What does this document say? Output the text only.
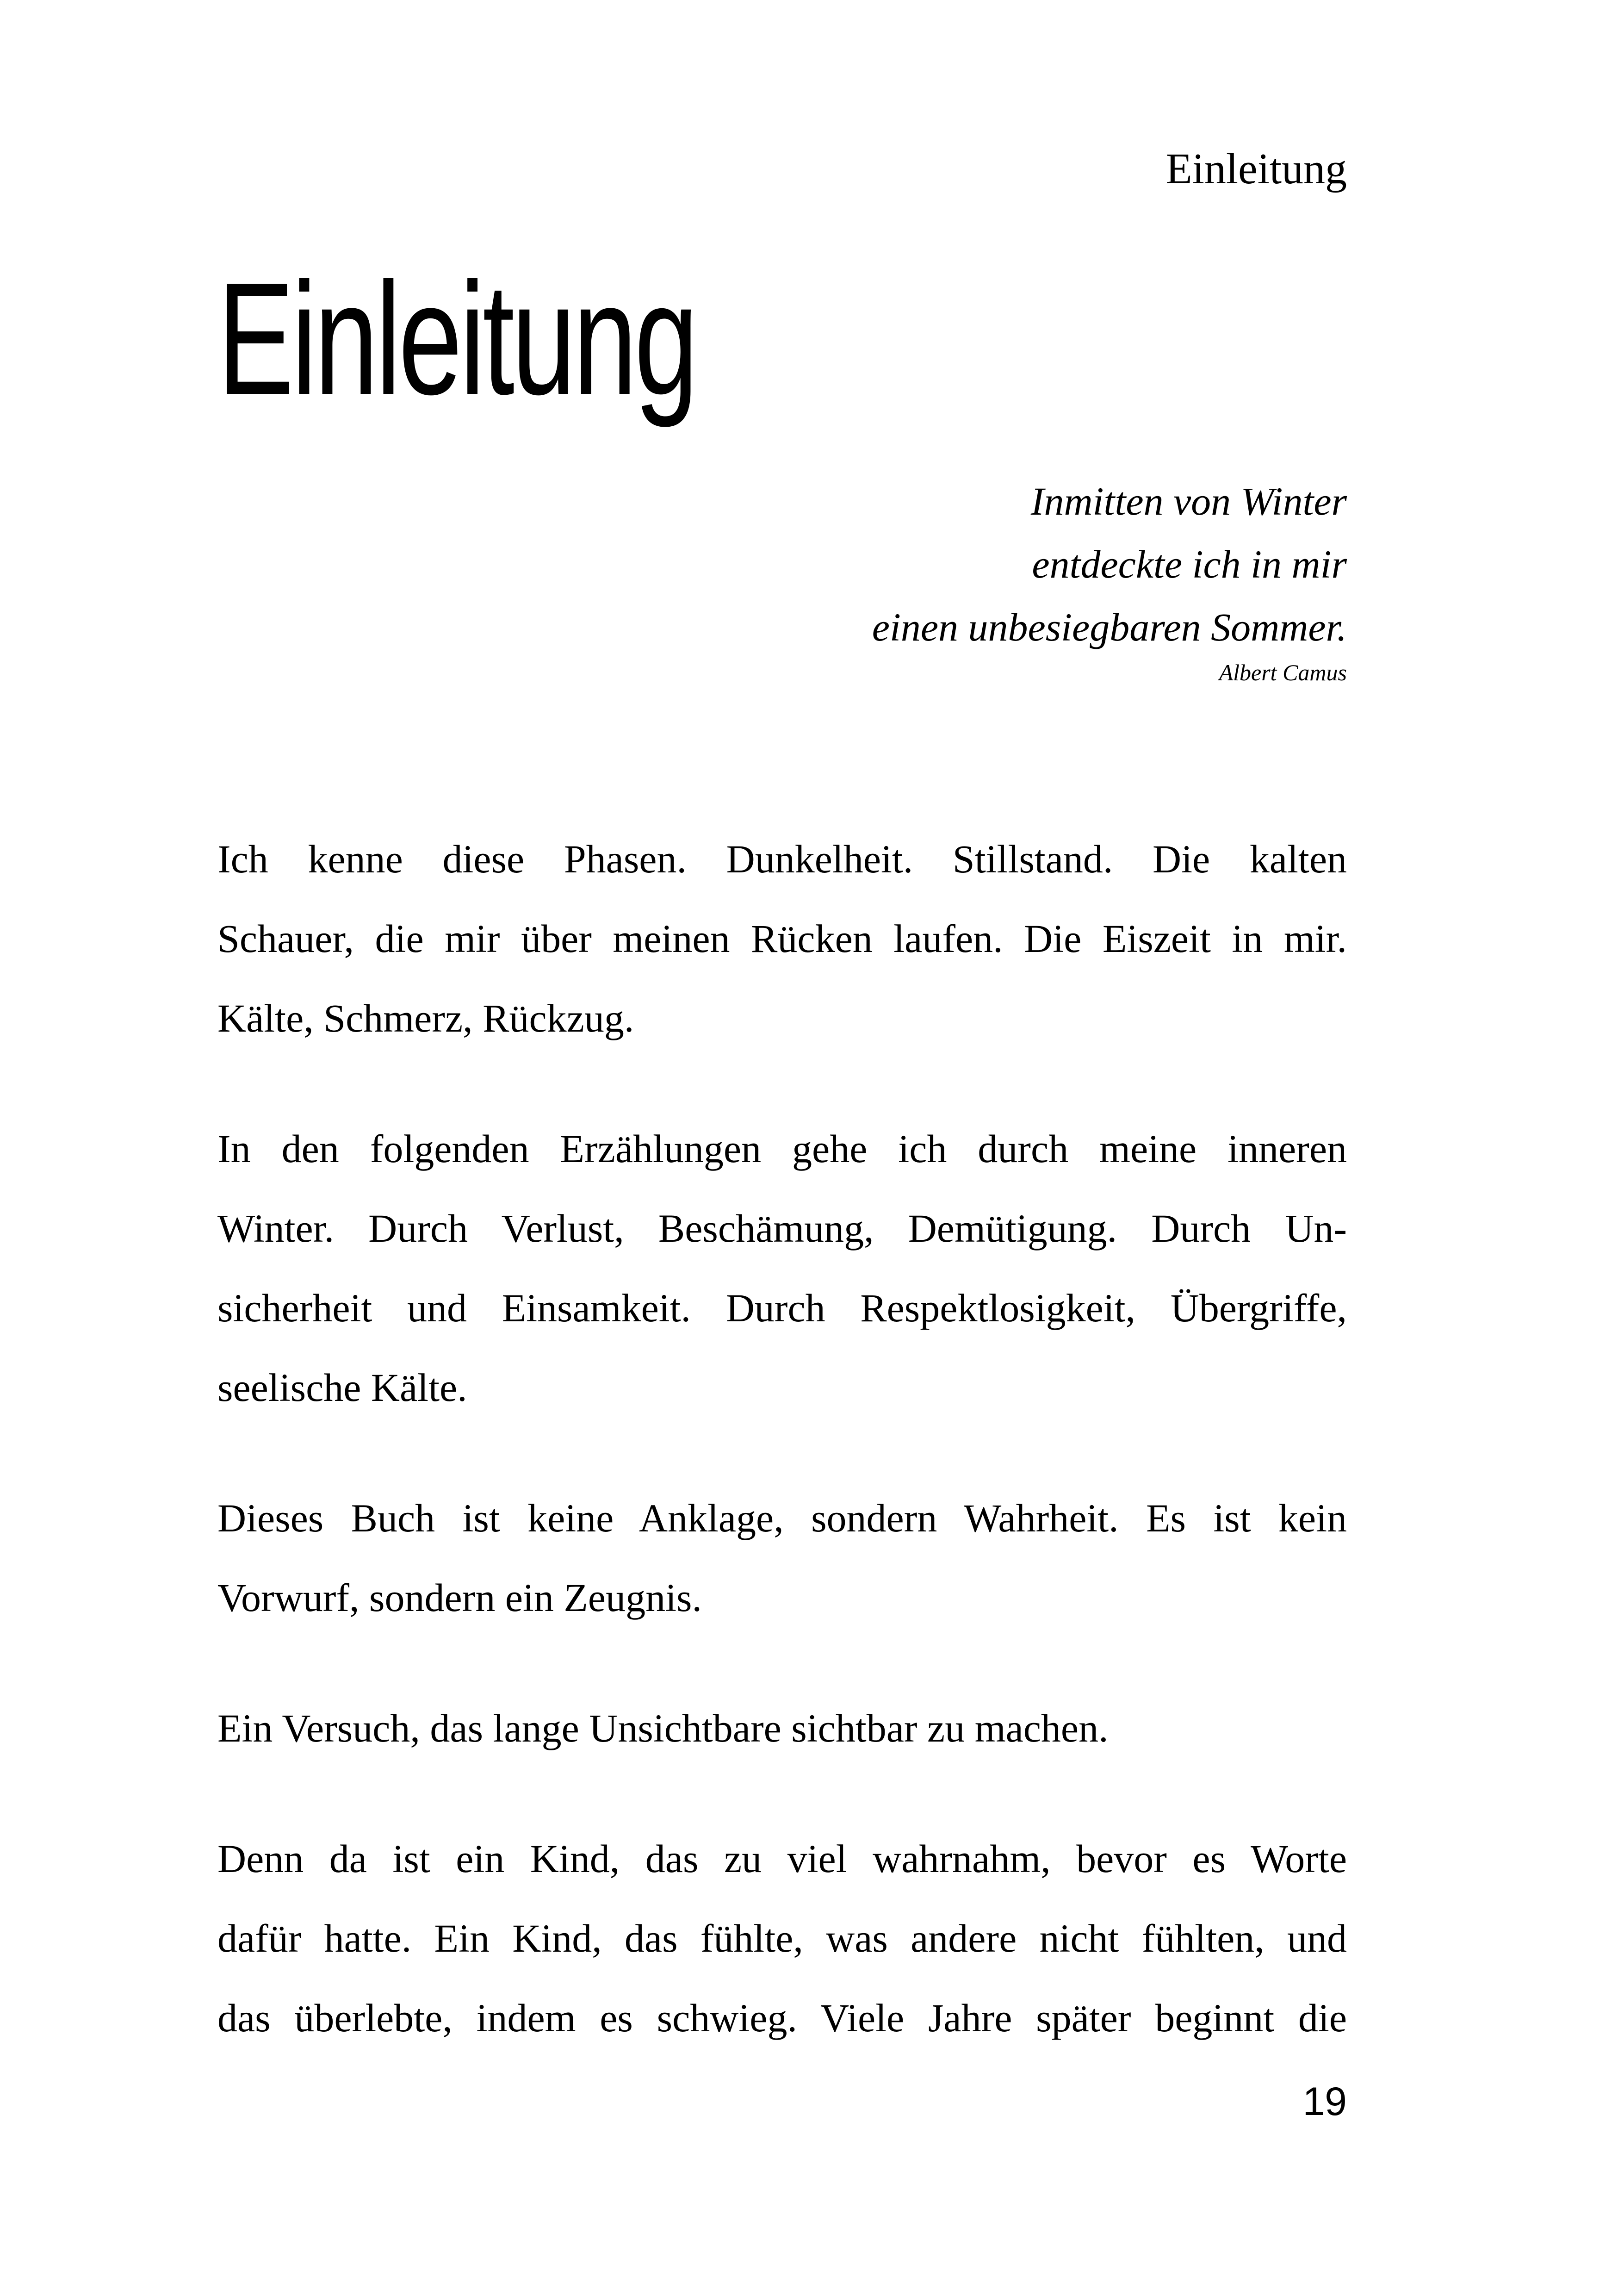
Einleitung
Einleitung
Inmitten von Winter
entdeckte ich in mir
einen unbesiegbaren Sommer.
Albert Camus

Ich kenne diese Phasen. Dunkelheit. Stillstand. Die kalten
Schauer, die mir über meinen Rücken laufen. Die Eiszeit in mir.
Kälte, Schmerz, Rückzug.

In den folgenden Erzählungen gehe ich durch meine inneren
Winter. Durch Verlust, Beschämung, Demütigung. Durch Un-
sicherheit und Einsamkeit. Durch Respektlosigkeit, Übergriffe,
seelische Kälte.

Dieses Buch ist keine Anklage, sondern Wahrheit. Es ist kein
Vorwurf, sondern ein Zeugnis.

Ein Versuch, das lange Unsichtbare sichtbar zu machen.

Denn da ist ein Kind, das zu viel wahrnahm, bevor es Worte
dafür hatte. Ein Kind, das fühlte, was andere nicht fühlten, und
das überlebte, indem es schwieg. Viele Jahre später beginnt die

19
